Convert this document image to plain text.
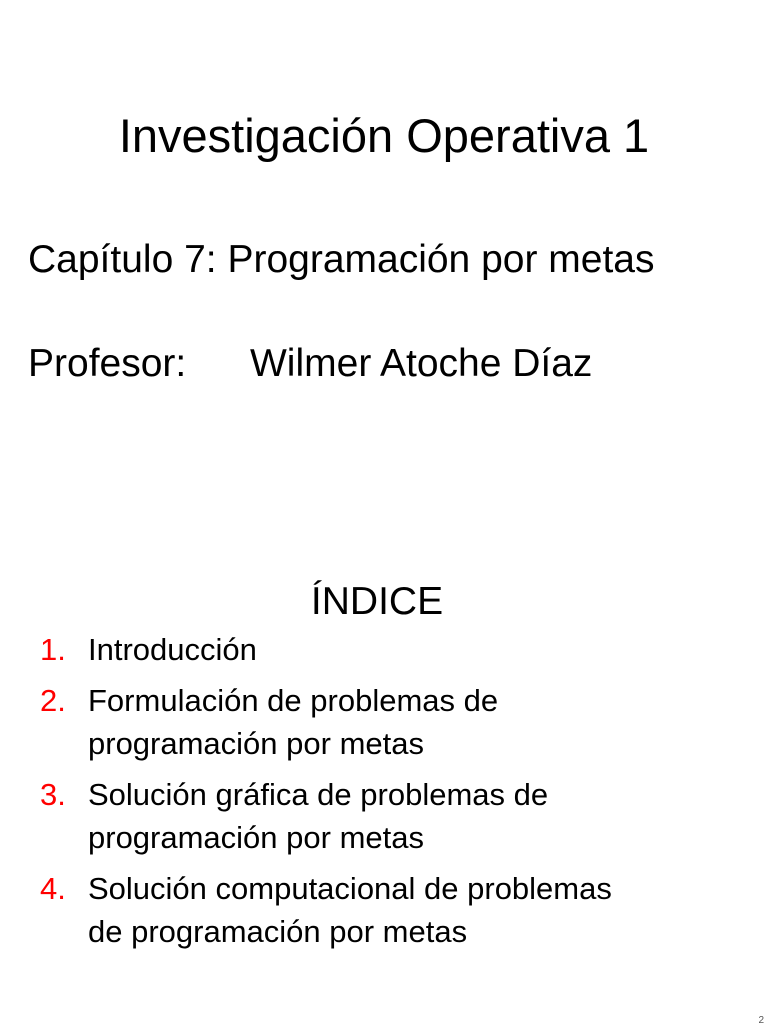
Investigación Operativa 1
Capítulo 7: Programación por metas
Profesor: Wilmer Atoche Díaz
ÍNDICE
1. Introducción
2. Formulación de problemas de
programación por metas
3. Solución gráfica de problemas de
programación por metas
4. Solución computacional de problemas
de programación por metas
2
